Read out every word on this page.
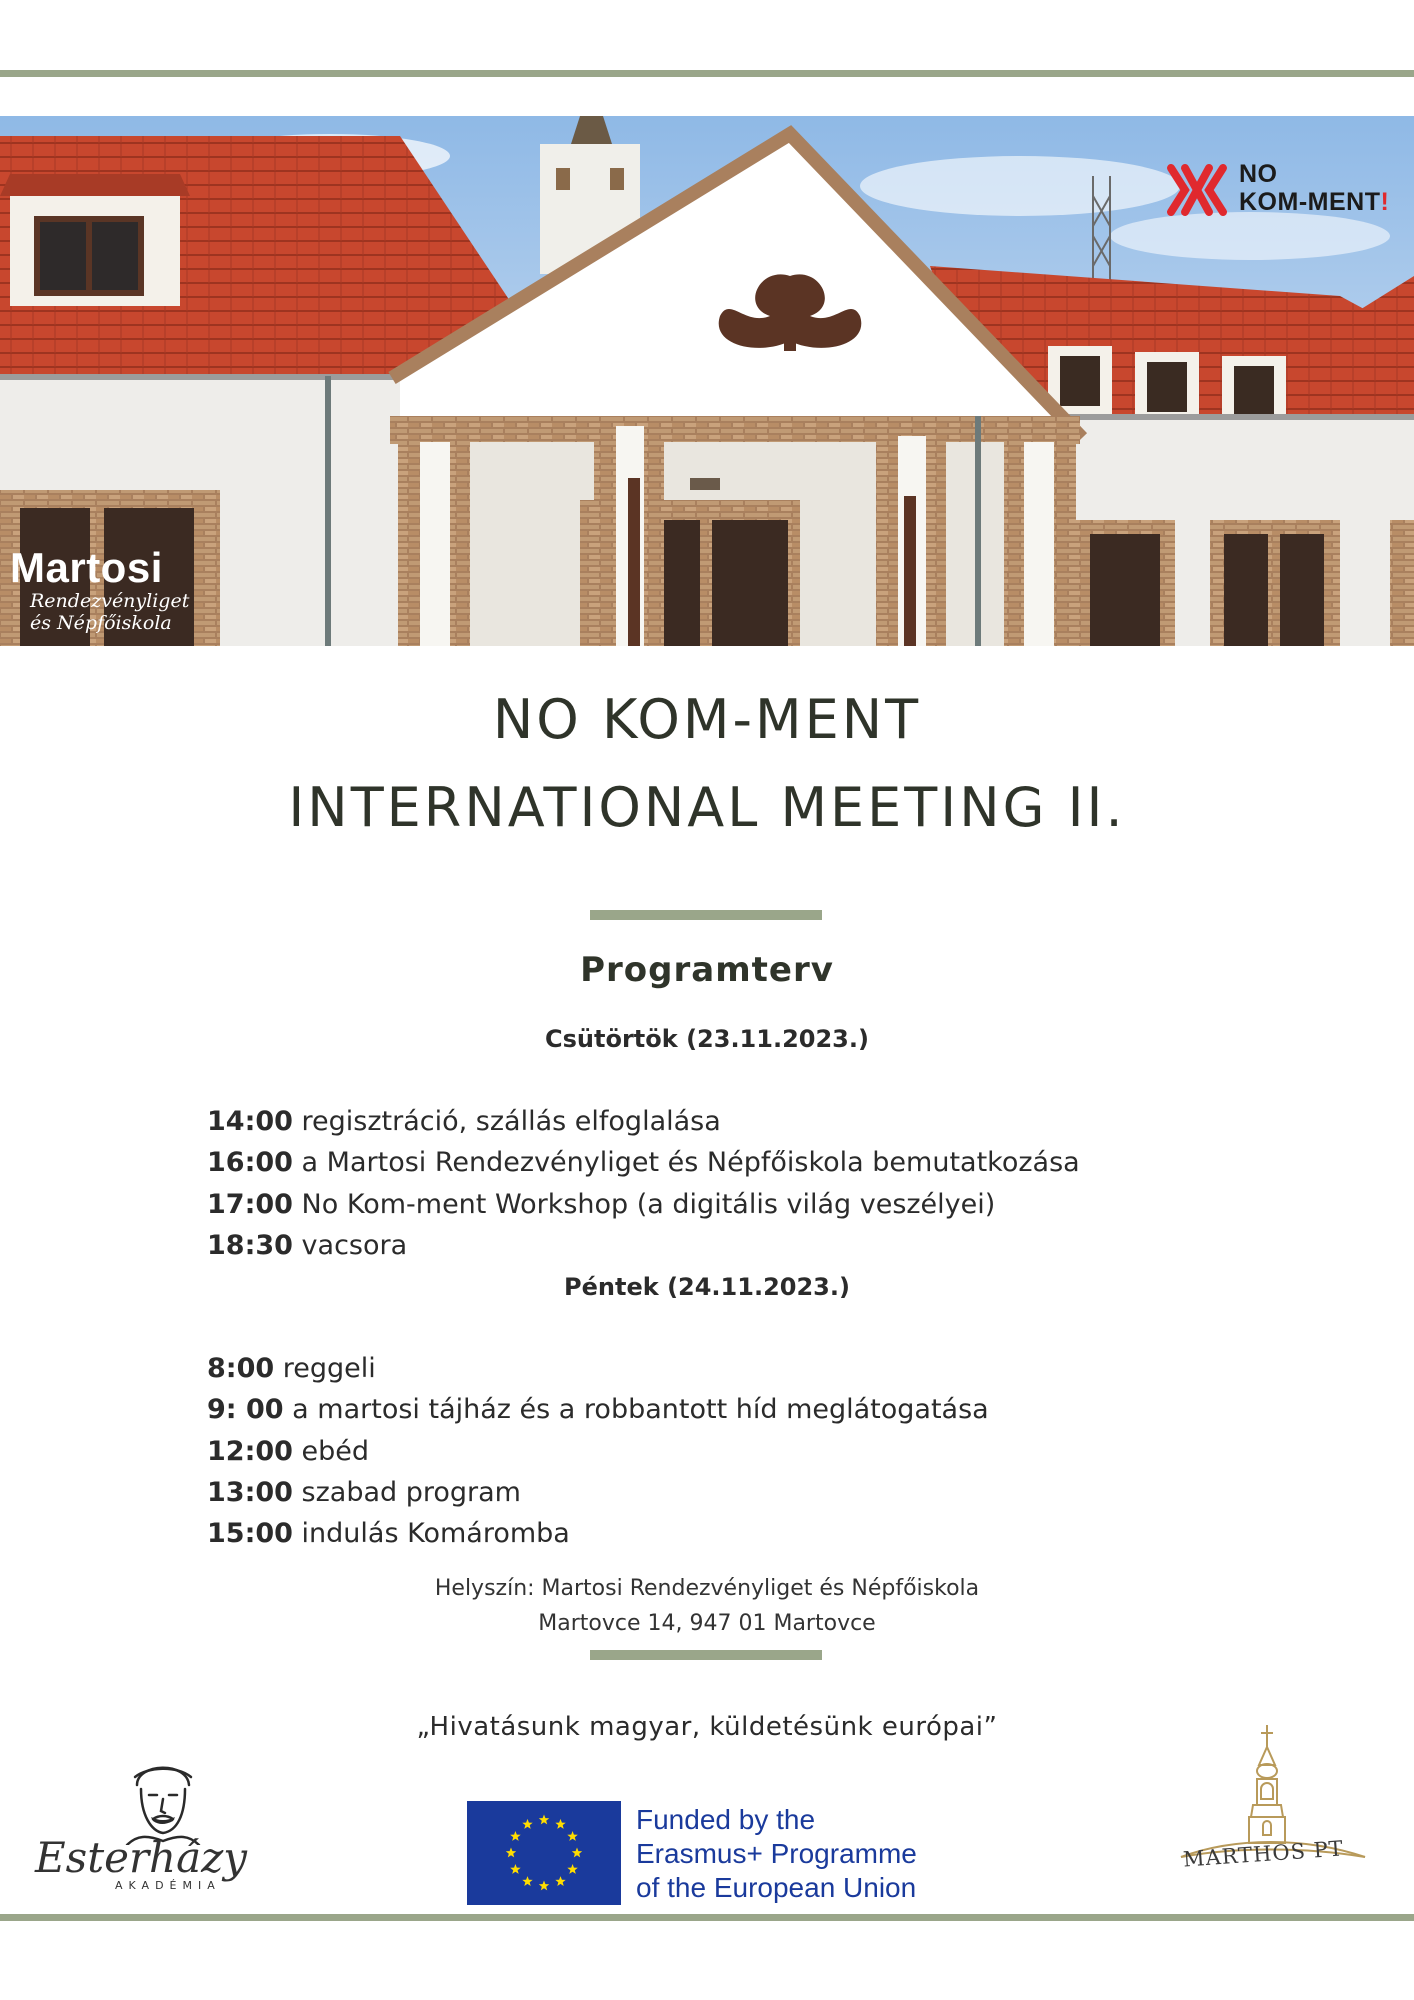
NO
KOM-MENT!
Martosi
Rendezvényliget
és Népfőiskola
NO KOM-MENT
INTERNATIONAL MEETING II.
Programterv
Csütörtök (23.11.2023.)
14:00 regisztráció, szállás elfoglalása
16:00 a Martosi Rendezvényliget és Népfőiskola bemutatkozása
17:00 No Kom-ment Workshop (a digitális világ veszélyei)
18:30 vacsora
Péntek (24.11.2023.)
8:00 reggeli
9: 00 a martosi tájház és a robbantott híd meglátogatása
12:00 ebéd
13:00 szabad program
15:00 indulás Komáromba
Helyszín: Martosi Rendezvényliget és Népfőiskola
Martovce 14, 947 01 Martovce
„Hivatásunk magyar, küldetésünk európai”
Esterházy
AKADÉMIA
Funded by the
Erasmus+ Programme
of the European Union
MARTHOS PT
